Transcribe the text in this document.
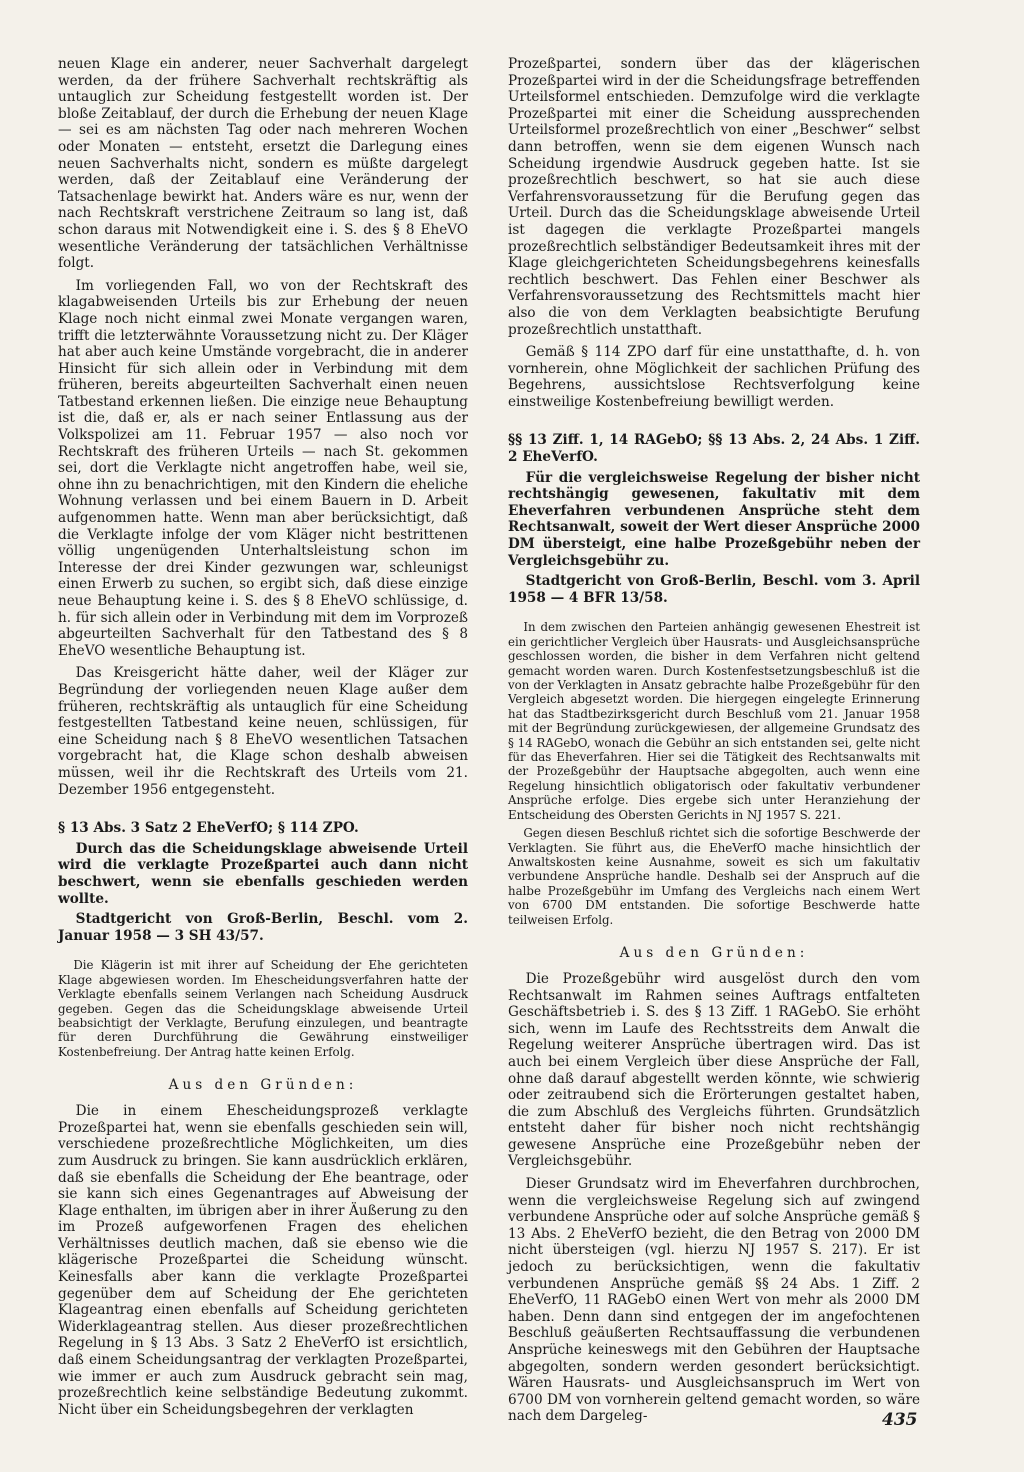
neuen Klage ein anderer, neuer Sachverhalt dargelegt werden, da der frühere Sachverhalt rechtskräftig als untauglich zur Scheidung festgestellt worden ist. Der bloße Zeitablauf, der durch die Erhebung der neuen Klage — sei es am nächsten Tag oder nach mehreren Wochen oder Monaten — entsteht, ersetzt die Darlegung eines neuen Sachverhalts nicht, sondern es müßte dargelegt werden, daß der Zeitablauf eine Veränderung der Tatsachenlage bewirkt hat. Anders wäre es nur, wenn der nach Rechtskraft verstrichene Zeitraum so lang ist, daß schon daraus mit Notwendigkeit eine i. S. des § 8 EheVO wesentliche Veränderung der tatsächlichen Verhältnisse folgt.

Im vorliegenden Fall, wo von der Rechtskraft des klagabweisenden Urteils bis zur Erhebung der neuen Klage noch nicht einmal zwei Monate vergangen waren, trifft die letzterwähnte Voraussetzung nicht zu. Der Kläger hat aber auch keine Umstände vorgebracht, die in anderer Hinsicht für sich allein oder in Verbindung mit dem früheren, bereits abgeurteilten Sachverhalt einen neuen Tatbestand erkennen ließen. Die einzige neue Behauptung ist die, daß er, als er nach seiner Entlassung aus der Volkspolizei am 11. Februar 1957 — also noch vor Rechtskraft des früheren Urteils — nach St. gekommen sei, dort die Verklagte nicht angetroffen habe, weil sie, ohne ihn zu benachrichtigen, mit den Kindern die eheliche Wohnung verlassen und bei einem Bauern in D. Arbeit aufgenommen hatte. Wenn man aber berücksichtigt, daß die Verklagte infolge der vom Kläger nicht bestrittenen völlig ungenügenden Unterhaltsleistung schon im Interesse der drei Kinder gezwungen war, schleunigst einen Erwerb zu suchen, so ergibt sich, daß diese einzige neue Behauptung keine i. S. des § 8 EheVO schlüssige, d. h. für sich allein oder in Verbindung mit dem im Vorprozeß abgeurteilten Sachverhalt für den Tatbestand des § 8 EheVO wesentliche Behauptung ist.

Das Kreisgericht hätte daher, weil der Kläger zur Begründung der vorliegenden neuen Klage außer dem früheren, rechtskräftig als untauglich für eine Scheidung festgestellten Tatbestand keine neuen, schlüssigen, für eine Scheidung nach § 8 EheVO wesentlichen Tatsachen vorgebracht hat, die Klage schon deshalb abweisen müssen, weil ihr die Rechtskraft des Urteils vom 21. Dezember 1956 entgegensteht.

§ 13 Abs. 3 Satz 2 EheVerfO; § 114 ZPO.

Durch das die Scheidungsklage abweisende Urteil wird die verklagte Prozeßpartei auch dann nicht beschwert, wenn sie ebenfalls geschieden werden wollte.

Stadtgericht von Groß-Berlin, Beschl. vom 2. Januar 1958 — 3 SH 43/57.

Die Klägerin ist mit ihrer auf Scheidung der Ehe gerichteten Klage abgewiesen worden. Im Ehescheidungsverfahren hatte der Verklagte ebenfalls seinem Verlangen nach Scheidung Ausdruck gegeben. Gegen das die Scheidungsklage abweisende Urteil beabsichtigt der Verklagte, Berufung einzulegen, und beantragte für deren Durchführung die Gewährung einstweiliger Kostenbefreiung. Der Antrag hatte keinen Erfolg.

Aus den Gründen:

Die in einem Ehescheidungsprozeß verklagte Prozeßpartei hat, wenn sie ebenfalls geschieden sein will, verschiedene prozeßrechtliche Möglichkeiten, um dies zum Ausdruck zu bringen. Sie kann ausdrücklich erklären, daß sie ebenfalls die Scheidung der Ehe beantrage, oder sie kann sich eines Gegenantrages auf Abweisung der Klage enthalten, im übrigen aber in ihrer Äußerung zu den im Prozeß aufgeworfenen Fragen des ehelichen Verhältnisses deutlich machen, daß sie ebenso wie die klägerische Prozeßpartei die Scheidung wünscht. Keinesfalls aber kann die verklagte Prozeßpartei gegenüber dem auf Scheidung der Ehe gerichteten Klageantrag einen ebenfalls auf Scheidung gerichteten Widerklageantrag stellen. Aus dieser prozeßrechtlichen Regelung in § 13 Abs. 3 Satz 2 EheVerfO ist ersichtlich, daß einem Scheidungsantrag der verklagten Prozeßpartei, wie immer er auch zum Ausdruck gebracht sein mag, prozeßrechtlich keine selbständige Bedeutung zukommt. Nicht über ein Scheidungsbegehren der verklagten

Prozeßpartei, sondern über das der klägerischen Prozeßpartei wird in der die Scheidungsfrage betreffenden Urteilsformel entschieden. Demzufolge wird die verklagte Prozeßpartei mit einer die Scheidung aussprechenden Urteilsformel prozeßrechtlich von einer „Beschwer“ selbst dann betroffen, wenn sie dem eigenen Wunsch nach Scheidung irgendwie Ausdruck gegeben hatte. Ist sie prozeßrechtlich beschwert, so hat sie auch diese Verfahrensvoraussetzung für die Berufung gegen das Urteil. Durch das die Scheidungsklage abweisende Urteil ist dagegen die verklagte Prozeßpartei mangels prozeßrechtlich selbständiger Bedeutsamkeit ihres mit der Klage gleichgerichteten Scheidungsbegehrens keinesfalls rechtlich beschwert. Das Fehlen einer Beschwer als Verfahrensvoraussetzung des Rechtsmittels macht hier also die von dem Verklagten beabsichtigte Berufung prozeßrechtlich unstatthaft.

Gemäß § 114 ZPO darf für eine unstatthafte, d. h. von vornherein, ohne Möglichkeit der sachlichen Prüfung des Begehrens, aussichtslose Rechtsverfolgung keine einstweilige Kostenbefreiung bewilligt werden.

§§ 13 Ziff. 1, 14 RAGebO; §§ 13 Abs. 2, 24 Abs. 1 Ziff. 2 EheVerfO.

Für die vergleichsweise Regelung der bisher nicht rechtshängig gewesenen, fakultativ mit dem Eheverfahren verbundenen Ansprüche steht dem Rechtsanwalt, soweit der Wert dieser Ansprüche 2000 DM übersteigt, eine halbe Prozeßgebühr neben der Vergleichsgebühr zu.

Stadtgericht von Groß-Berlin, Beschl. vom 3. April 1958 — 4 BFR 13/58.

In dem zwischen den Parteien anhängig gewesenen Ehestreit ist ein gerichtlicher Vergleich über Hausrats- und Ausgleichsansprüche geschlossen worden, die bisher in dem Verfahren nicht geltend gemacht worden waren. Durch Kostenfestsetzungsbeschluß ist die von der Verklagten in Ansatz gebrachte halbe Prozeßgebühr für den Vergleich abgesetzt worden. Die hiergegen eingelegte Erinnerung hat das Stadtbezirksgericht durch Beschluß vom 21. Januar 1958 mit der Begründung zurückgewiesen, der allgemeine Grundsatz des § 14 RAGebO, wonach die Gebühr an sich entstanden sei, gelte nicht für das Eheverfahren. Hier sei die Tätigkeit des Rechtsanwalts mit der Prozeßgebühr der Hauptsache abgegolten, auch wenn eine Regelung hinsichtlich obligatorisch oder fakultativ verbundener Ansprüche erfolge. Dies ergebe sich unter Heranziehung der Entscheidung des Obersten Gerichts in NJ 1957 S. 221.

Gegen diesen Beschluß richtet sich die sofortige Beschwerde der Verklagten. Sie führt aus, die EheVerfO mache hinsichtlich der Anwaltskosten keine Ausnahme, soweit es sich um fakultativ verbundene Ansprüche handle. Deshalb sei der Anspruch auf die halbe Prozeßgebühr im Umfang des Vergleichs nach einem Wert von 6700 DM entstanden. Die sofortige Beschwerde hatte teilweisen Erfolg.

Aus den Gründen:

Die Prozeßgebühr wird ausgelöst durch den vom Rechtsanwalt im Rahmen seines Auftrags entfalteten Geschäftsbetrieb i. S. des § 13 Ziff. 1 RAGebO. Sie erhöht sich, wenn im Laufe des Rechtsstreits dem Anwalt die Regelung weiterer Ansprüche übertragen wird. Das ist auch bei einem Vergleich über diese Ansprüche der Fall, ohne daß darauf abgestellt werden könnte, wie schwierig oder zeitraubend sich die Erörterungen gestaltet haben, die zum Abschluß des Vergleichs führten. Grundsätzlich entsteht daher für bisher noch nicht rechtshängig gewesene Ansprüche eine Prozeßgebühr neben der Vergleichsgebühr.

Dieser Grundsatz wird im Eheverfahren durchbrochen, wenn die vergleichsweise Regelung sich auf zwingend verbundene Ansprüche oder auf solche Ansprüche gemäß § 13 Abs. 2 EheVerfO bezieht, die den Betrag von 2000 DM nicht übersteigen (vgl. hierzu NJ 1957 S. 217). Er ist jedoch zu berücksichtigen, wenn die fakultativ verbundenen Ansprüche gemäß §§ 24 Abs. 1 Ziff. 2 EheVerfO, 11 RAGebO einen Wert von mehr als 2000 DM haben. Denn dann sind entgegen der im angefochtenen Beschluß geäußerten Rechtsauffassung die verbundenen Ansprüche keineswegs mit den Gebühren der Hauptsache abgegolten, sondern werden gesondert berücksichtigt. Wären Hausrats- und Ausgleichsanspruch im Wert von 6700 DM von vornherein geltend gemacht worden, so wäre nach dem Dargeleg-	435
